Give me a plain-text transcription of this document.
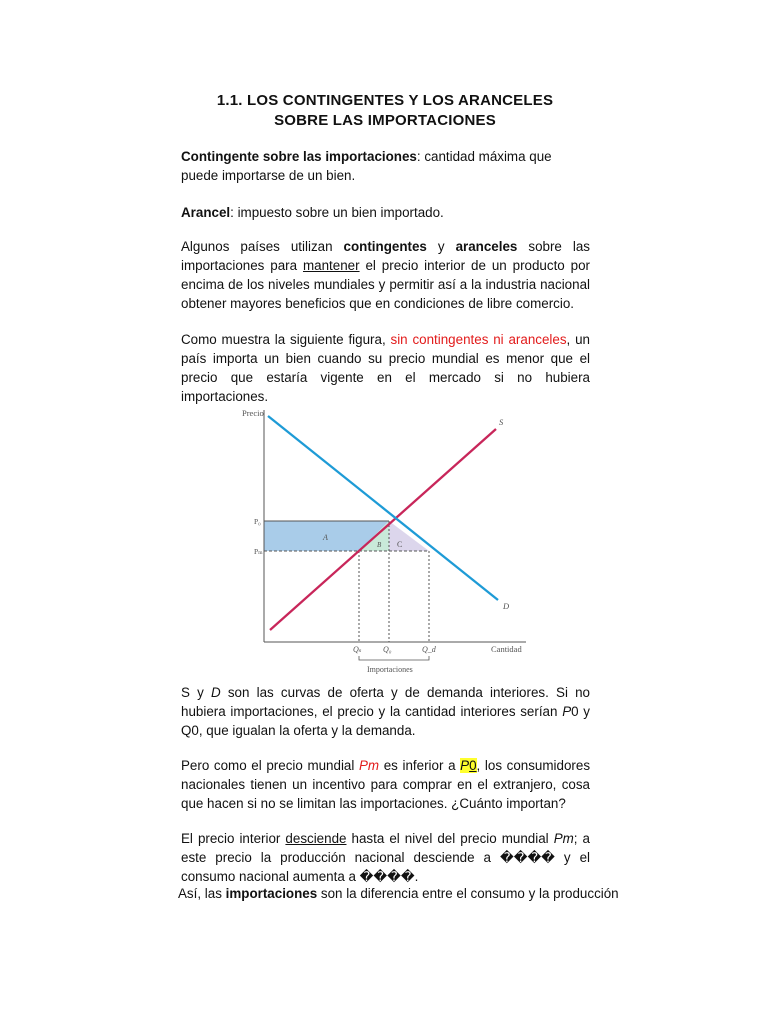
1.1. LOS CONTINGENTES Y LOS ARANCELES
SOBRE LAS IMPORTACIONES

Contingente sobre las importaciones: cantidad máxima que puede importarse de un bien.

Arancel: impuesto sobre un bien importado.

Algunos países utilizan contingentes y aranceles sobre las importaciones para mantener el precio interior de un producto por encima de los niveles mundiales y permitir así a la industria nacional obtener mayores beneficios que en condiciones de libre comercio.

Como muestra la siguiente figura, sin contingentes ni aranceles, un país importa un bien cuando su precio mundial es menor que el precio que estaría vigente en el mercado si no hubiera importaciones.

Precio
Cantidad
S
D
P₀
Pₘ
A
B C
Qₛ	Q₀	Q_d
Importaciones

S y D son las curvas de oferta y de demanda interiores. Si no hubiera importaciones, el precio y la cantidad interiores serían P0 y Q0, que igualan la oferta y la demanda.

Pero como el precio mundial Pm es inferior a P0, los consumidores nacionales tienen un incentivo para comprar en el extranjero, cosa que hacen si no se limitan las importaciones. ¿Cuánto importan?

El precio interior desciende hasta el nivel del precio mundial Pm; a este precio la producción nacional desciende a ���� y el consumo nacional aumenta a ����.

Así, las importaciones son la diferencia entre el consumo y la producción
